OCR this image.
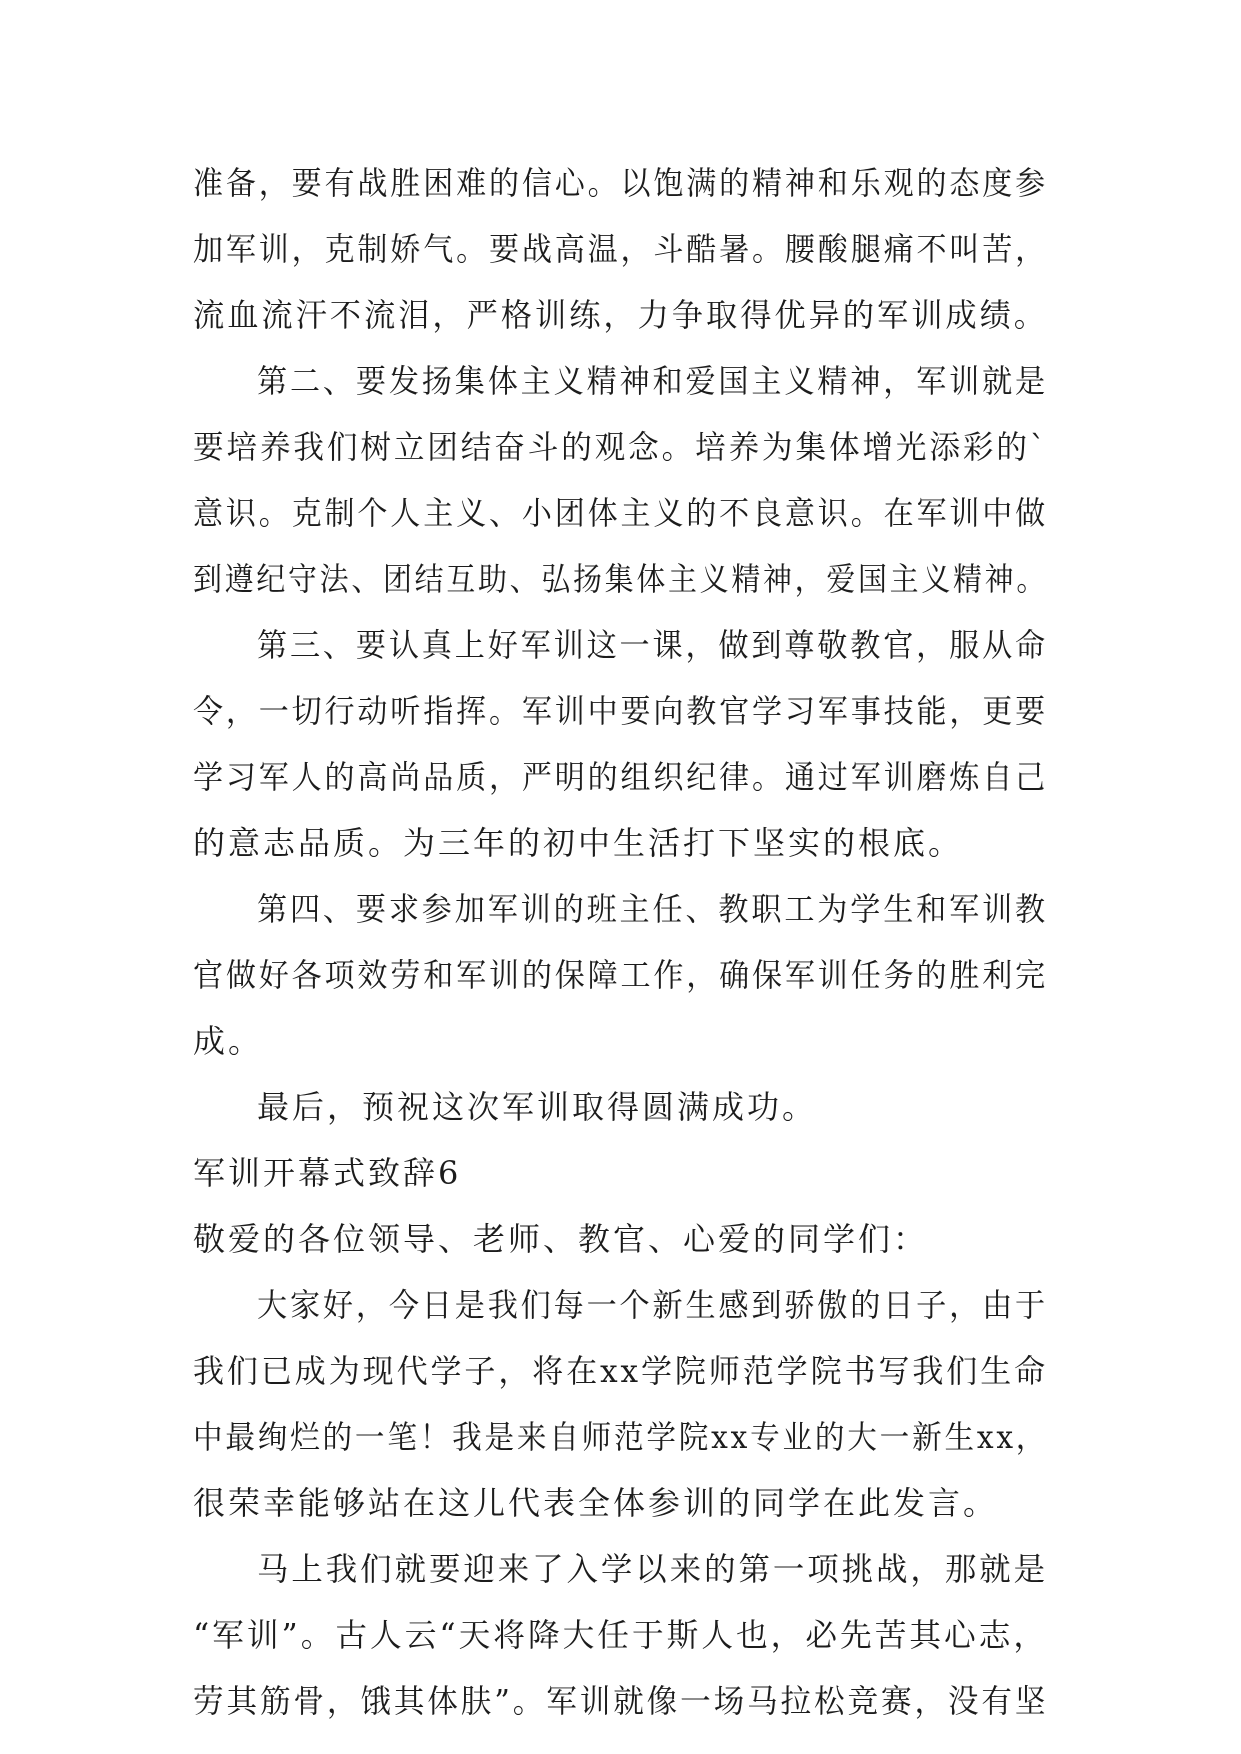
准备，要有战胜困难的信心。以饱满的精神和乐观的态度参
加军训，克制娇气。要战高温，斗酷暑。腰酸腿痛不叫苦，
流血流汗不流泪，严格训练，力争取得优异的军训成绩。
第二、要发扬集体主义精神和爱国主义精神，军训就是
要培养我们树立团结奋斗的观念。培养为集体增光添彩的`
意识。克制个人主义、小团体主义的不良意识。在军训中做
到遵纪守法、团结互助、弘扬集体主义精神，爱国主义精神。
第三、要认真上好军训这一课，做到尊敬教官，服从命
令，一切行动听指挥。军训中要向教官学习军事技能，更要
学习军人的高尚品质，严明的组织纪律。通过军训磨炼自己
的意志品质。为三年的初中生活打下坚实的根底。
第四、要求参加军训的班主任、教职工为学生和军训教
官做好各项效劳和军训的保障工作，确保军训任务的胜利完
成。
最后，预祝这次军训取得圆满成功。
军训开幕式致辞6
敬爱的各位领导、老师、教官、心爱的同学们：
大家好，今日是我们每一个新生感到骄傲的日子，由于
我们已成为现代学子，将在xx学院师范学院书写我们生命
中最绚烂的一笔！我是来自师范学院xx专业的大一新生xx，
很荣幸能够站在这儿代表全体参训的同学在此发言。
马上我们就要迎来了入学以来的第一项挑战，那就是
“军训”。古人云“天将降大任于斯人也，必先苦其心志，
劳其筋骨，饿其体肤”。军训就像一场马拉松竞赛，没有坚
